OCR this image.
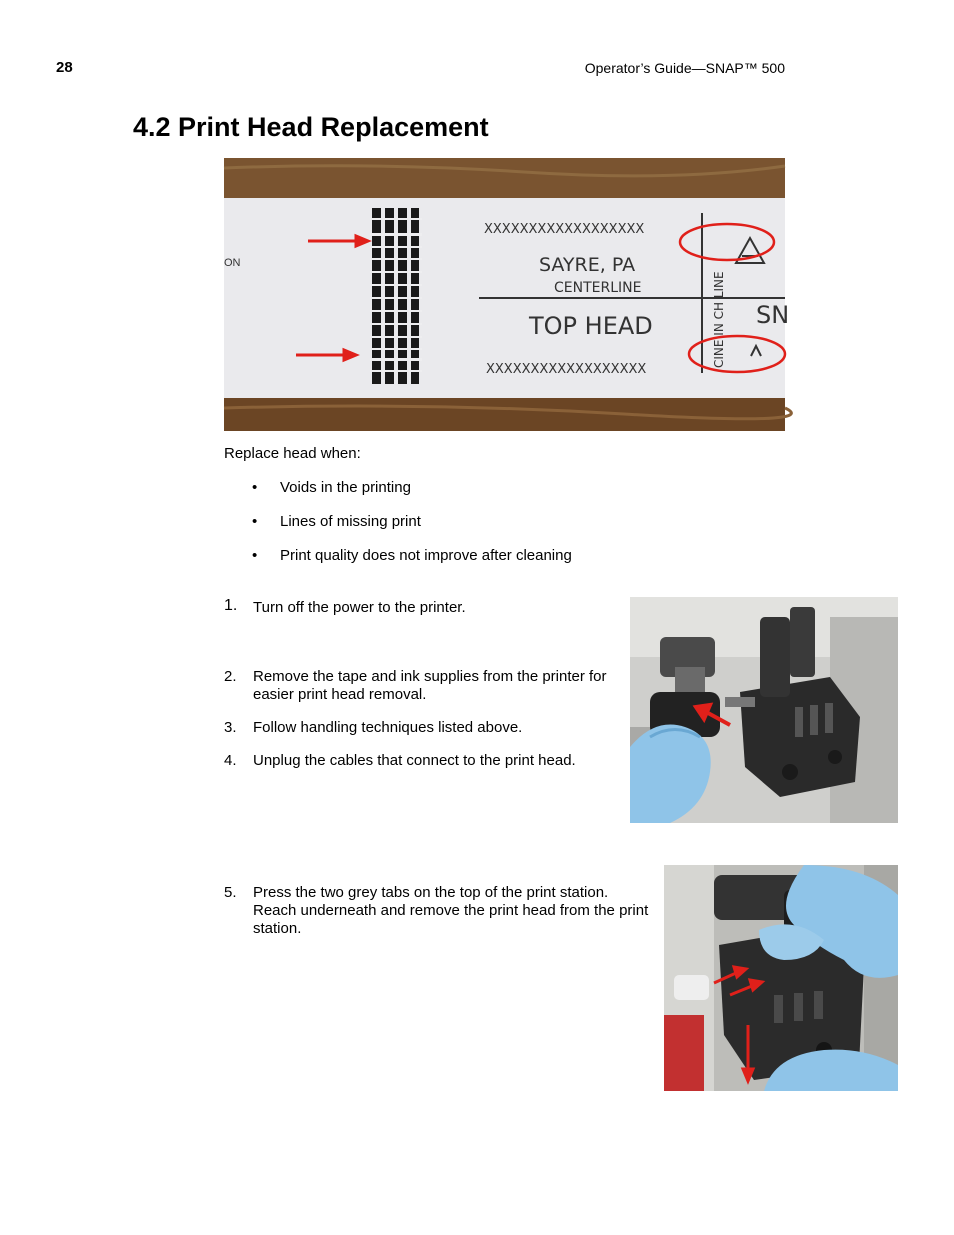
28	Operator’s Guide—SNAP™ 500
4.2 Print Head Replacement
ON
XXXXXXXXXXXXXXXXXX
SAYRE, PA
CENTERLINE
TOP HEAD
XXXXXXXXXXXXXXXXXX
CINE IN CH LINE SN
Replace head when:
• Voids in the printing
• Lines of missing print
• Print quality does not improve after cleaning
1. Turn off the power to the printer.
2. Remove the tape and ink supplies from the printer for easier print head removal.
3. Follow handling techniques listed above.
4. Unplug the cables that connect to the print head.
5. Press the two grey tabs on the top of the print station. Reach underneath and remove the print head from the print station.
